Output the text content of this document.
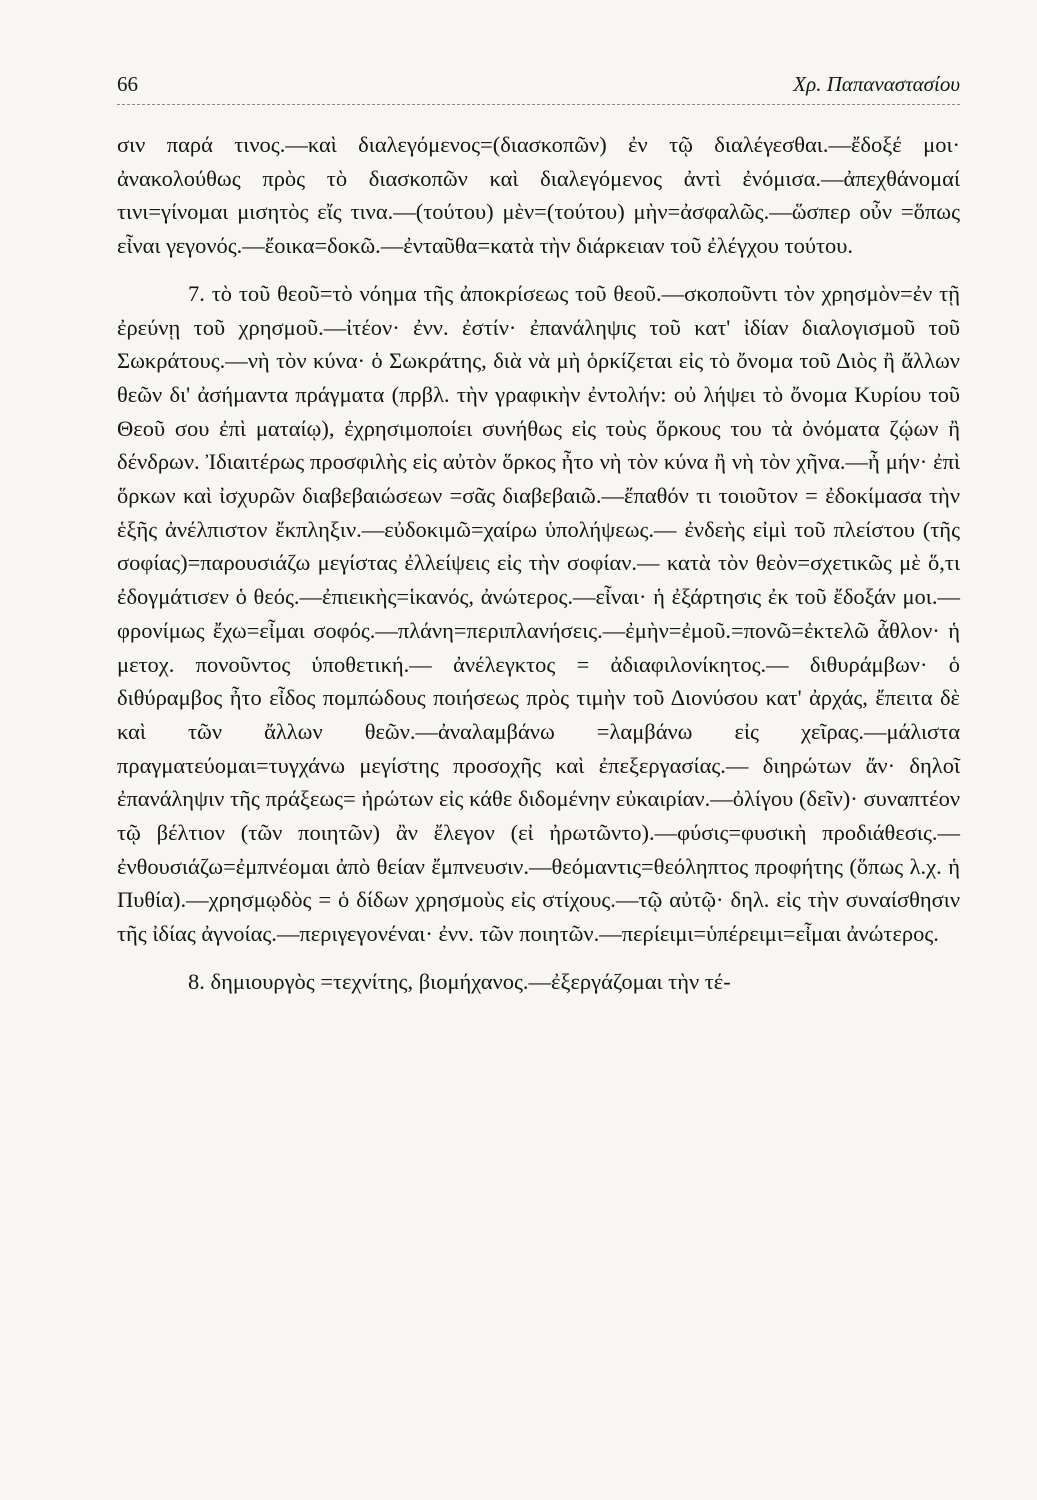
66	Χρ. Παπαναστασίου

σιν παρά τινος.—καὶ διαλεγόμενος=(διασκοπῶν) ἐν τῷ διαλέγεσθαι.—ἔδοξέ μοι· ἀνακολούθως πρὸς τὸ διασκοπῶν καὶ διαλεγόμενος ἀντὶ ἐνόμισα.—ἀπεχθάνομαί τινι=γίνομαι μισητὸς εἴς τινα.—(τούτου) μὲν=(τούτου) μὴν=ἀσφαλῶς.—ὥσπερ οὖν =ὅπως εἶναι γεγονός.—ἔοικα=δοκῶ.—ἐνταῦθα=κατὰ τὴν διάρκειαν τοῦ ἐλέγχου τούτου.

7. τὸ τοῦ θεοῦ=τὸ νόημα τῆς ἀποκρίσεως τοῦ θεοῦ.—σκοποῦντι τὸν χρησμὸν=ἐν τῇ ἐρεύνῃ τοῦ χρησμοῦ.—ἰτέον· ἐνν. ἐστίν· ἐπανάληψις τοῦ κατ' ἰδίαν διαλογισμοῦ τοῦ Σωκράτους.—νὴ τὸν κύνα· ὁ Σωκράτης, διὰ νὰ μὴ ὁρκίζεται εἰς τὸ ὄνομα τοῦ Διὸς ἢ ἄλλων θεῶν δι' ἀσήμαντα πράγματα (πρβλ. τὴν γραφικὴν ἐντολήν: οὐ λήψει τὸ ὄνομα Κυρίου τοῦ Θεοῦ σου ἐπὶ ματαίῳ), ἐχρησιμοποίει συνήθως εἰς τοὺς ὅρκους του τὰ ὀνόματα ζῴων ἢ δένδρων. Ἰδιαιτέρως προσφιλὴς εἰς αὐτὸν ὅρκος ἦτο νὴ τὸν κύνα ἢ νὴ τὸν χῆνα.—ἦ μήν· ἐπὶ ὅρκων καὶ ἰσχυρῶν διαβεβαιώσεων =σᾶς διαβεβαιῶ.—ἔπαθόν τι τοιοῦτον = ἐδοκίμασα τὴν ἑξῆς ἀνέλπιστον ἔκπληξιν.—εὐδοκιμῶ=χαίρω ὑπολήψεως.— ἐνδεὴς εἰμὶ τοῦ πλείστου (τῆς σοφίας)=παρουσιάζω μεγίστας ἐλλείψεις εἰς τὴν σοφίαν.— κατὰ τὸν θεὸν=σχετικῶς μὲ ὅ,τι ἐδογμάτισεν ὁ θεός.—ἐπιεικὴς=ἱκανός, ἀνώτερος.—εἶναι· ἡ ἐξάρτησις ἐκ τοῦ ἔδοξάν μοι.—φρονίμως ἔχω=εἶμαι σοφός.—πλάνη=περιπλανήσεις.—ἐμὴν=ἐμοῦ.=πονῶ=ἐκτελῶ ἆθλον· ἡ μετοχ. πονοῦντος ὑποθετική.— ἀνέλεγκτος = ἀδιαφιλονίκητος.— διθυράμβων· ὁ διθύραμβος ἦτο εἶδος πομπώδους ποιήσεως πρὸς τιμὴν τοῦ Διονύσου κατ' ἀρχάς, ἔπειτα δὲ καὶ τῶν ἄλλων θεῶν.—ἀναλαμβάνω =λαμβάνω εἰς χεῖρας.—μάλιστα πραγματεύομαι=τυγχάνω μεγίστης προσοχῆς καὶ ἐπεξεργασίας.— διηρώτων ἄν· δηλοῖ ἐπανάληψιν τῆς πράξεως= ἠρώτων εἰς κάθε διδομένην εὐκαιρίαν.—ὀλίγου (δεῖν)· συναπτέον τῷ βέλτιον (τῶν ποιητῶν) ἂν ἔλεγον (εἰ ἠρωτῶντο).—φύσις=φυσικὴ προδιάθεσις.—ἐνθουσιάζω=ἐμπνέομαι ἀπὸ θείαν ἔμπνευσιν.—θεόμαντις=θεόληπτος προφήτης (ὅπως λ.χ. ἡ Πυθία).—χρησμῳδὸς = ὁ δίδων χρησμοὺς εἰς στίχους.—τῷ αὐτῷ· δηλ. εἰς τὴν συναίσθησιν τῆς ἰδίας ἀγνοίας.—περιγεγονέναι· ἐνν. τῶν ποιητῶν.—περίειμι=ὑπέρειμι=εἶμαι ἀνώτερος.

8. δημιουργὸς =τεχνίτης, βιομήχανος.—ἐξεργάζομαι τὴν τέ-
